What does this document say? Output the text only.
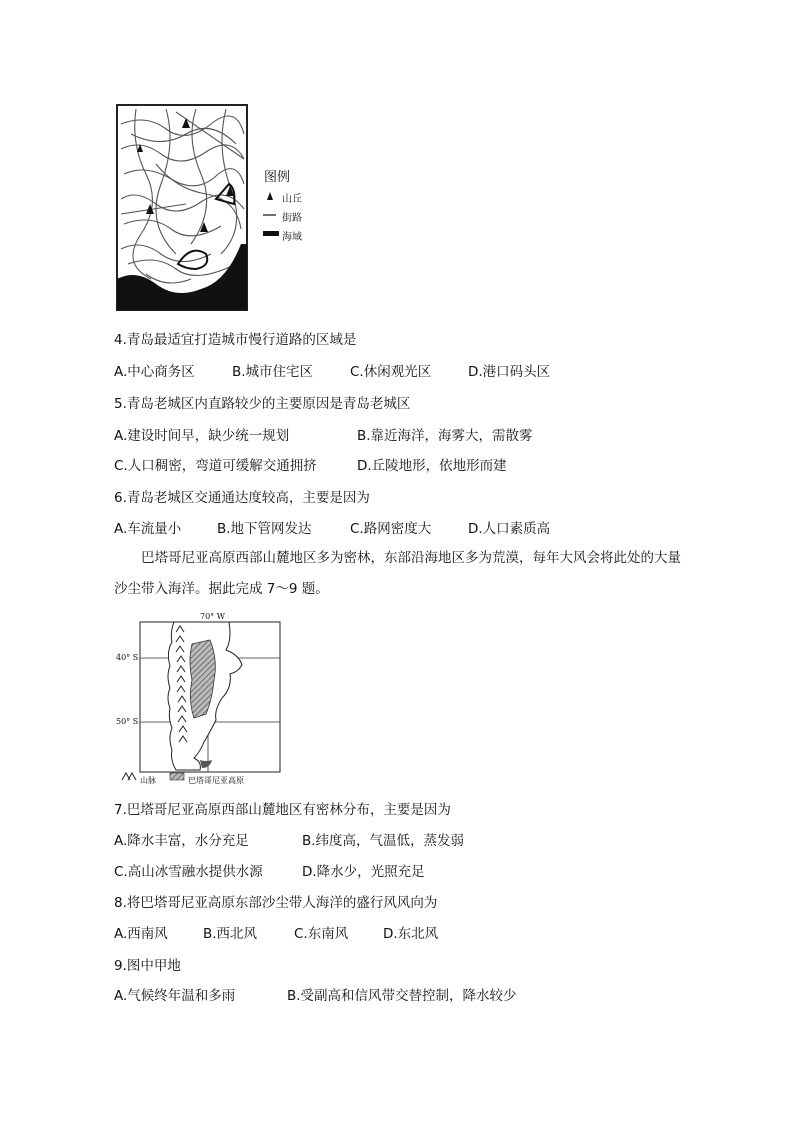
图例
山丘
街路
海域
4.青岛最适宜打造城市慢行道路的区域是
A.中心商务区	B.城市住宅区	C.休闲观光区	D.港口码头区
5.青岛老城区内直路较少的主要原因是青岛老城区
A.建设时间早，缺少统一规划	B.靠近海洋，海雾大，需散雾
C.人口稠密，弯道可缓解交通拥挤	D.丘陵地形，依地形而建
6.青岛老城区交通通达度较高，主要是因为
A.车流量小	B.地下管网发达	C.路网密度大	D.人口素质高
巴塔哥尼亚高原西部山麓地区多为密林，东部沿海地区多为荒漠，每年大风会将此处的大量沙尘带入海洋。据此完成 7～9 题。
70° W
40° S
50° S
山脉	巴塔哥尼亚高原
7.巴塔哥尼亚高原西部山麓地区有密林分布，主要是因为
A.降水丰富，水分充足	B.纬度高，气温低，蒸发弱
C.高山冰雪融水提供水源	D.降水少，光照充足
8.将巴塔哥尼亚高原东部沙尘带人海洋的盛行风风向为
A.西南风	B.西北风	C.东南风	D.东北风
9.图中甲地
A.气候终年温和多雨	B.受副高和信风带交替控制，降水较少
